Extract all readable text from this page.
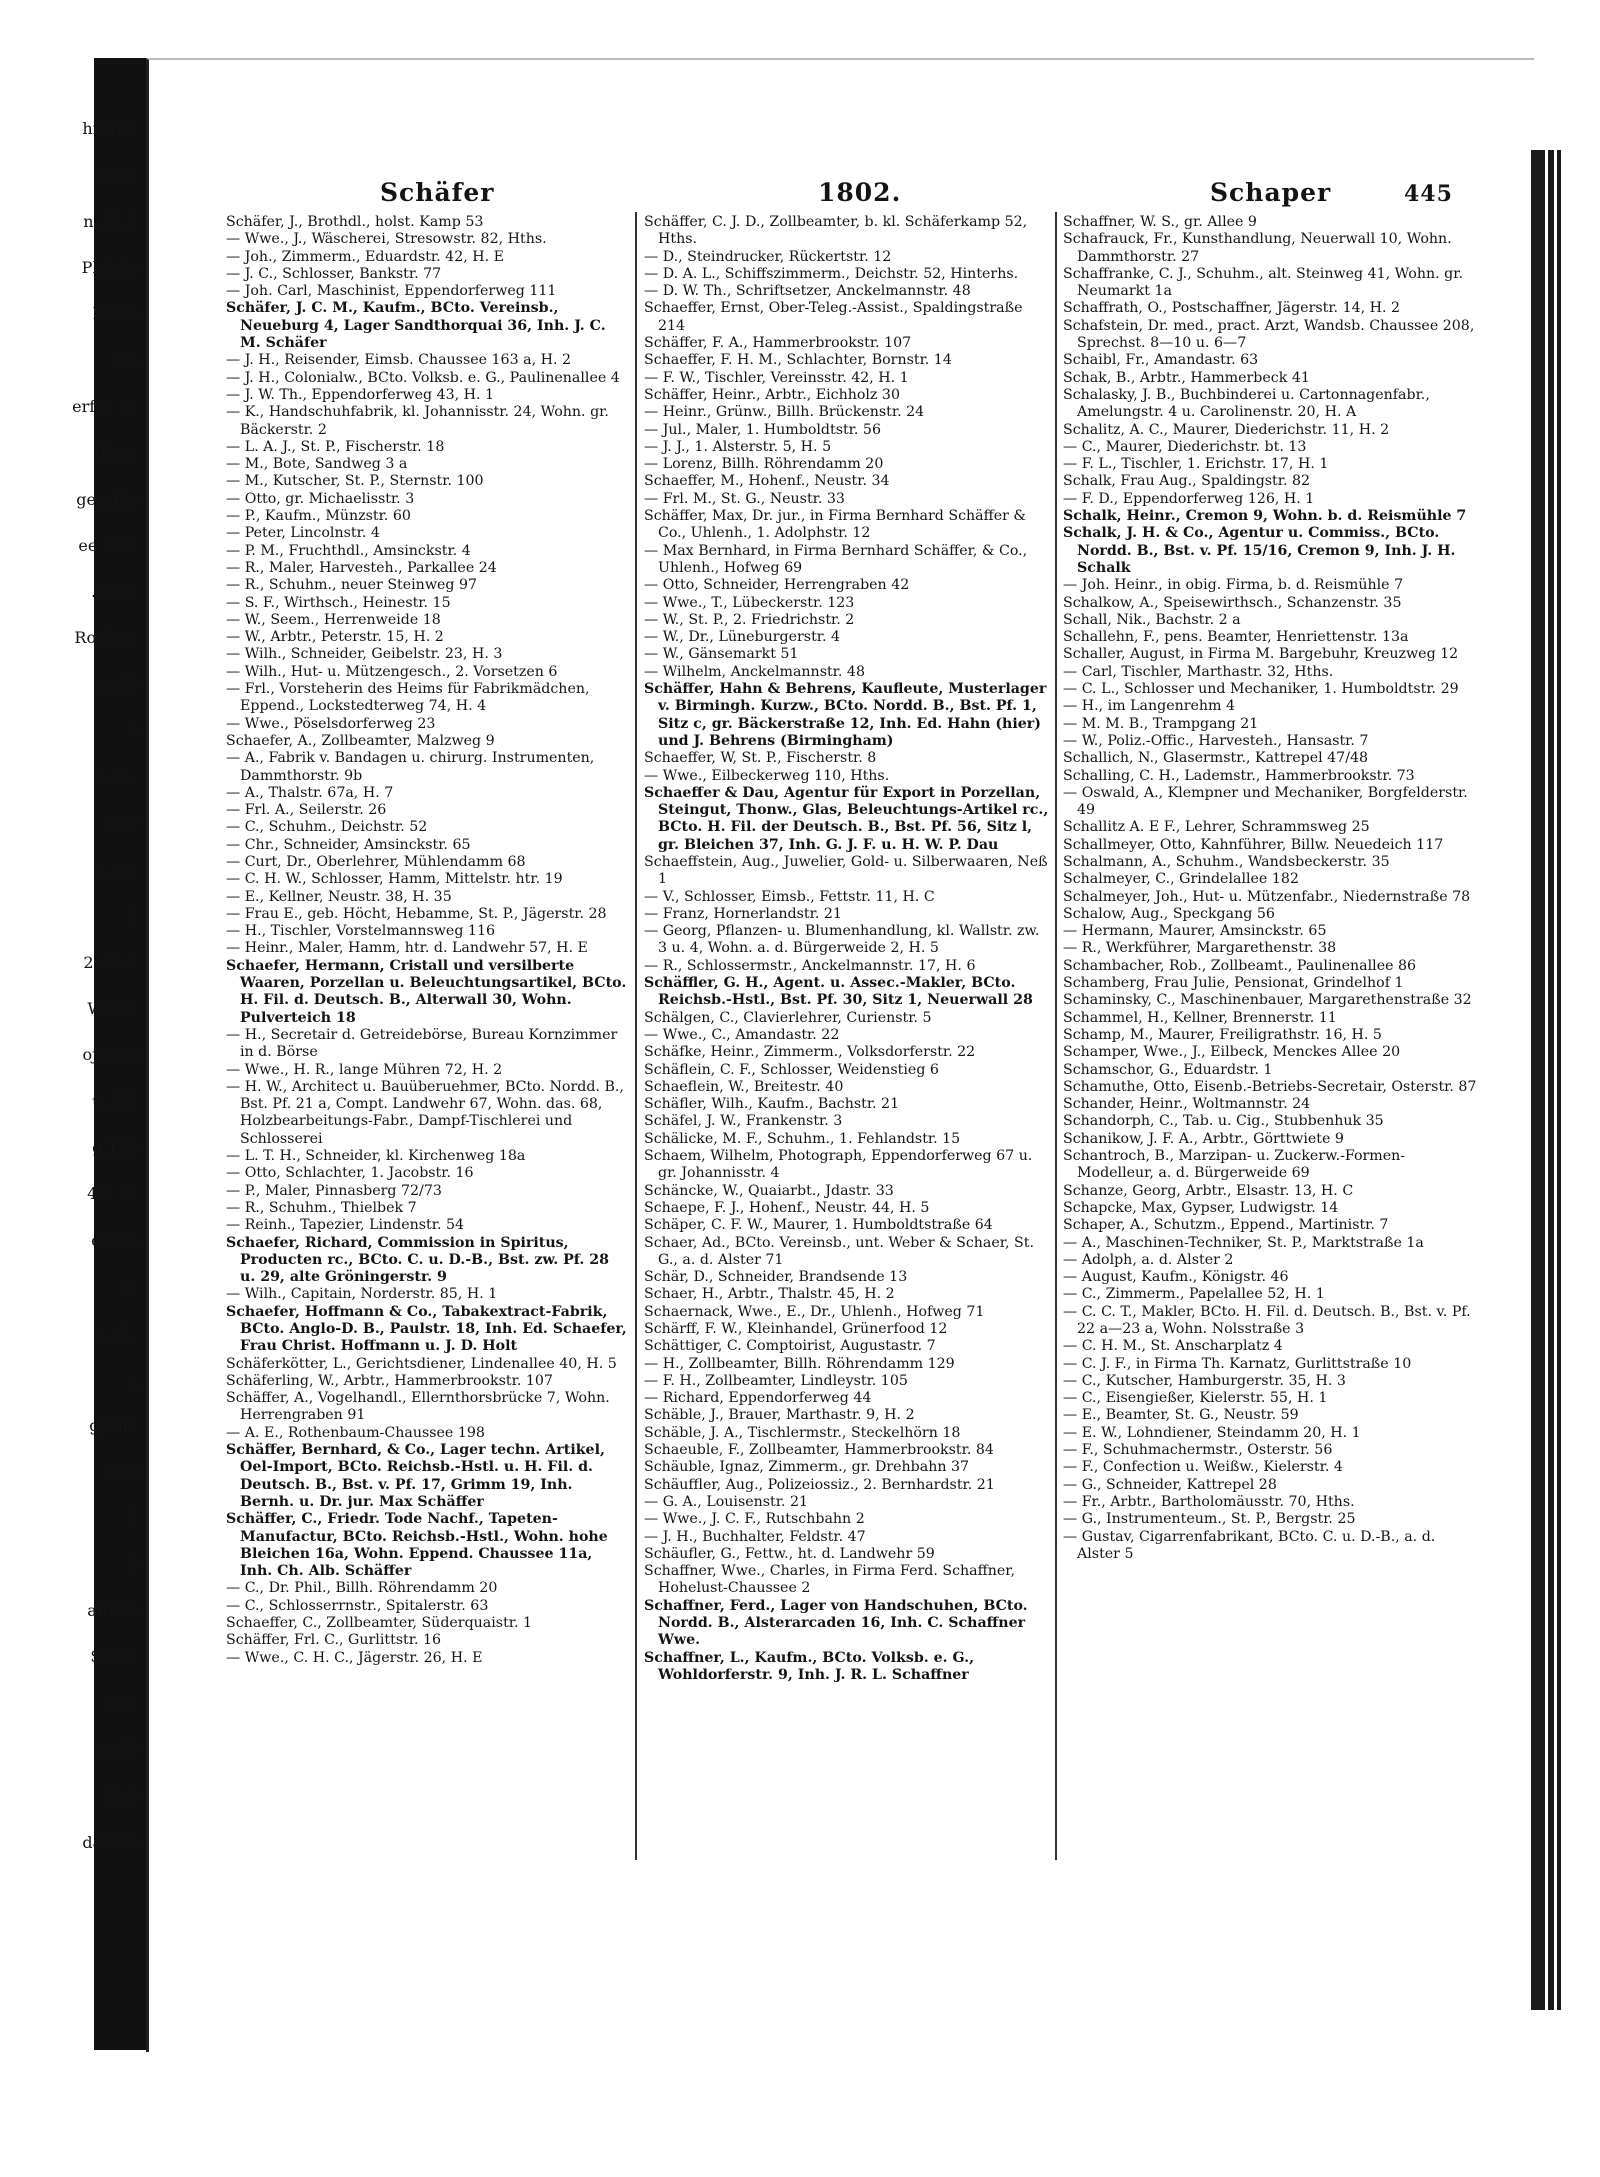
hrerin,
Holz-
n, H. 1
Phönig
he 26
25
erftr. 12
Hum-
gereihe
ee 247,
.-Hftl.
Rothen-
r. 38
8
t. G.,
n 37
r. zw.
2
2, H. 1
Wohn.
ojfen 5
u. 77,
g 116
42, 12
er am
11
e. G.,
a
gazin,
Hof
2
8
afl. 24
Stein-
112
u. 33
H. 3
daf. 25
Schäfer	1802.	Schaper	445
Schäfer, J., Brothdl., holst. Kamp 53
— Wwe., J., Wäscherei, Stresowstr. 82, Hths.
— Joh., Zimmerm., Eduardstr. 42, H. E
— J. C., Schlosser, Bankstr. 77
— Joh. Carl, Maschinist, Eppendorferweg 111
Schäfer, J. C. M., Kaufm., BCto. Vereinsb., Neueburg 4, Lager Sandthorquai 36, Inh. J. C. M. Schäfer
— J. H., Reisender, Eimsb. Chaussee 163 a, H. 2
— J. H., Colonialw., BCto. Volksb. e. G., Paulinenallee 4
— J. W. Th., Eppendorferweg 43, H. 1
— K., Handschuhfabrik, kl. Johannisstr. 24, Wohn. gr. Bäckerstr. 2
— L. A. J., St. P., Fischerstr. 18
— M., Bote, Sandweg 3 a
— M., Kutscher, St. P., Sternstr. 100
— Otto, gr. Michaelisstr. 3
— P., Kaufm., Münzstr. 60
— Peter, Lincolnstr. 4
— P. M., Fruchthdl., Amsinckstr. 4
— R., Maler, Harvesteh., Parkallee 24
— R., Schuhm., neuer Steinweg 97
— S. F., Wirthsch., Heinestr. 15
— W., Seem., Herrenweide 18
— W., Arbtr., Peterstr. 15, H. 2
— Wilh., Schneider, Geibelstr. 23, H. 3
— Wilh., Hut- u. Mützengesch., 2. Vorsetzen 6
— Frl., Vorsteherin des Heims für Fabrikmädchen, Eppend., Lockstedterweg 74, H. 4
— Wwe., Pöselsdorferweg 23
Schaefer, A., Zollbeamter, Malzweg 9
— A., Fabrik v. Bandagen u. chirurg. Instrumenten, Dammthorstr. 9b
— A., Thalstr. 67a, H. 7
— Frl. A., Seilerstr. 26
— C., Schuhm., Deichstr. 52
— Chr., Schneider, Amsinckstr. 65
— Curt, Dr., Oberlehrer, Mühlendamm 68
— C. H. W., Schlosser, Hamm, Mittelstr. htr. 19
— E., Kellner, Neustr. 38, H. 35
— Frau E., geb. Höcht, Hebamme, St. P., Jägerstr. 28
— H., Tischler, Vorstelmannsweg 116
— Heinr., Maler, Hamm, htr. d. Landwehr 57, H. E
Schaefer, Hermann, Cristall und versilberte Waaren, Porzellan u. Beleuchtungsartikel, BCto. H. Fil. d. Deutsch. B., Alterwall 30, Wohn. Pulverteich 18
— H., Secretair d. Getreidebörse, Bureau Kornzimmer in d. Börse
— Wwe., H. R., lange Mühren 72, H. 2
— H. W., Architect u. Bauüberuehmer, BCto. Nordd. B., Bst. Pf. 21 a, Compt. Landwehr 67, Wohn. das. 68, Holzbearbeitungs-Fabr., Dampf-Tischlerei und Schlosserei
— L. T. H., Schneider, kl. Kirchenweg 18a
— Otto, Schlachter, 1. Jacobstr. 16
— P., Maler, Pinnasberg 72/73
— R., Schuhm., Thielbek 7
— Reinh., Tapezier, Lindenstr. 54
Schaefer, Richard, Commission in Spiritus, Producten rc., BCto. C. u. D.-B., Bst. zw. Pf. 28 u. 29, alte Gröningerstr. 9
— Wilh., Capitain, Norderstr. 85, H. 1
Schaefer, Hoffmann & Co., Tabakextract-Fabrik, BCto. Anglo-D. B., Paulstr. 18, Inh. Ed. Schaefer, Frau Christ. Hoffmann u. J. D. Holt
Schäferkötter, L., Gerichtsdiener, Lindenallee 40, H. 5
Schäferling, W., Arbtr., Hammerbrookstr. 107
Schäffer, A., Vogelhandl., Ellernthorsbrücke 7, Wohn. Herrengraben 91
— A. E., Rothenbaum-Chaussee 198
Schäffer, Bernhard, & Co., Lager techn. Artikel, Oel-Import, BCto. Reichsb.-Hstl. u. H. Fil. d. Deutsch. B., Bst. v. Pf. 17, Grimm 19, Inh. Bernh. u. Dr. jur. Max Schäffer
Schäffer, C., Friedr. Tode Nachf., Tapeten-Manufactur, BCto. Reichsb.-Hstl., Wohn. hohe Bleichen 16a, Wohn. Eppend. Chaussee 11a, Inh. Ch. Alb. Schäffer
— C., Dr. Phil., Billh. Röhrendamm 20
— C., Schlosserrnstr., Spitalerstr. 63
Schaeffer, C., Zollbeamter, Süderquaistr. 1
Schäffer, Frl. C., Gurlittstr. 16
— Wwe., C. H. C., Jägerstr. 26, H. E
Schäffer, C. J. D., Zollbeamter, b. kl. Schäferkamp 52, Hths.
— D., Steindrucker, Rückertstr. 12
— D. A. L., Schiffszimmerm., Deichstr. 52, Hinterhs.
— D. W. Th., Schriftsetzer, Anckelmannstr. 48
Schaeffer, Ernst, Ober-Teleg.-Assist., Spaldingstraße 214
Schäffer, F. A., Hammerbrookstr. 107
Schaeffer, F. H. M., Schlachter, Bornstr. 14
— F. W., Tischler, Vereinsstr. 42, H. 1
Schäffer, Heinr., Arbtr., Eichholz 30
— Heinr., Grünw., Billh. Brückenstr. 24
— Jul., Maler, 1. Humboldtstr. 56
— J. J., 1. Alsterstr. 5, H. 5
— Lorenz, Billh. Röhrendamm 20
Schaeffer, M., Hohenf., Neustr. 34
— Frl. M., St. G., Neustr. 33
Schäffer, Max, Dr. jur., in Firma Bernhard Schäffer & Co., Uhlenh., 1. Adolphstr. 12
— Max Bernhard, in Firma Bernhard Schäffer, & Co., Uhlenh., Hofweg 69
— Otto, Schneider, Herrengraben 42
— Wwe., T., Lübeckerstr. 123
— W., St. P., 2. Friedrichstr. 2
— W., Dr., Lüneburgerstr. 4
— W., Gänsemarkt 51
— Wilhelm, Anckelmannstr. 48
Schäffer, Hahn & Behrens, Kaufleute, Musterlager v. Birmingh. Kurzw., BCto. Nordd. B., Bst. Pf. 1, Sitz c, gr. Bäckerstraße 12, Inh. Ed. Hahn (hier) und J. Behrens (Birmingham)
Schaeffer, W, St. P., Fischerstr. 8
— Wwe., Eilbeckerweg 110, Hths.
Schaeffer & Dau, Agentur für Export in Porzellan, Steingut, Thonw., Glas, Beleuchtungs-Artikel rc., BCto. H. Fil. der Deutsch. B., Bst. Pf. 56, Sitz l, gr. Bleichen 37, Inh. G. J. F. u. H. W. P. Dau
Schaeffstein, Aug., Juwelier, Gold- u. Silberwaaren, Neß 1
— V., Schlosser, Eimsb., Fettstr. 11, H. C
— Franz, Hornerlandstr. 21
— Georg, Pflanzen- u. Blumenhandlung, kl. Wallstr. zw. 3 u. 4, Wohn. a. d. Bürgerweide 2, H. 5
— R., Schlossermstr., Anckelmannstr. 17, H. 6
Schäffler, G. H., Agent. u. Assec.-Makler, BCto. Reichsb.-Hstl., Bst. Pf. 30, Sitz 1, Neuerwall 28
Schälgen, C., Clavierlehrer, Curienstr. 5
— Wwe., C., Amandastr. 22
Schäfke, Heinr., Zimmerm., Volksdorferstr. 22
Schäflein, C. F., Schlosser, Weidenstieg 6
Schaeflein, W., Breitestr. 40
Schäfler, Wilh., Kaufm., Bachstr. 21
Schäfel, J. W., Frankenstr. 3
Schälicke, M. F., Schuhm., 1. Fehlandstr. 15
Schaem, Wilhelm, Photograph, Eppendorferweg 67 u. gr. Johannisstr. 4
Schäncke, W., Quaiarbt., Jdastr. 33
Schaepe, F. J., Hohenf., Neustr. 44, H. 5
Schäper, C. F. W., Maurer, 1. Humboldtstraße 64
Schaer, Ad., BCto. Vereinsb., unt. Weber & Schaer, St. G., a. d. Alster 71
Schär, D., Schneider, Brandsende 13
Schaer, H., Arbtr., Thalstr. 45, H. 2
Schaernack, Wwe., E., Dr., Uhlenh., Hofweg 71
Schärff, F. W., Kleinhandel, Grünerfood 12
Schättiger, C. Comptoirist, Augustastr. 7
— H., Zollbeamter, Billh. Röhrendamm 129
— F. H., Zollbeamter, Lindleystr. 105
— Richard, Eppendorferweg 44
Schäble, J., Brauer, Marthastr. 9, H. 2
Schäble, J. A., Tischlermstr., Steckelhörn 18
Schaeuble, F., Zollbeamter, Hammerbrookstr. 84
Schäuble, Ignaz, Zimmerm., gr. Drehbahn 37
Schäuffler, Aug., Polizeiossiz., 2. Bernhardstr. 21
— G. A., Louisenstr. 21
— Wwe., J. C. F., Rutschbahn 2
— J. H., Buchhalter, Feldstr. 47
Schäufler, G., Fettw., ht. d. Landwehr 59
Schaffner, Wwe., Charles, in Firma Ferd. Schaffner, Hohelust-Chaussee 2
Schaffner, Ferd., Lager von Handschuhen, BCto. Nordd. B., Alsterarcaden 16, Inh. C. Schaffner Wwe.
Schaffner, L., Kaufm., BCto. Volksb. e. G., Wohldorferstr. 9, Inh. J. R. L. Schaffner
Schaffner, W. S., gr. Allee 9
Schafrauck, Fr., Kunsthandlung, Neuerwall 10, Wohn. Dammthorstr. 27
Schaffranke, C. J., Schuhm., alt. Steinweg 41, Wohn. gr. Neumarkt 1a
Schaffrath, O., Postschaffner, Jägerstr. 14, H. 2
Schafstein, Dr. med., pract. Arzt, Wandsb. Chaussee 208, Sprechst. 8—10 u. 6—7
Schaibl, Fr., Amandastr. 63
Schak, B., Arbtr., Hammerbeck 41
Schalasky, J. B., Buchbinderei u. Cartonnagenfabr., Amelungstr. 4 u. Carolinenstr. 20, H. A
Schalitz, A. C., Maurer, Diederichstr. 11, H. 2
— C., Maurer, Diederichstr. bt. 13
— F. L., Tischler, 1. Erichstr. 17, H. 1
Schalk, Frau Aug., Spaldingstr. 82
— F. D., Eppendorferweg 126, H. 1
Schalk, Heinr., Cremon 9, Wohn. b. d. Reismühle 7
Schalk, J. H. & Co., Agentur u. Commiss., BCto. Nordd. B., Bst. v. Pf. 15/16, Cremon 9, Inh. J. H. Schalk
— Joh. Heinr., in obig. Firma, b. d. Reismühle 7
Schalkow, A., Speisewirthsch., Schanzenstr. 35
Schall, Nik., Bachstr. 2 a
Schallehn, F., pens. Beamter, Henriettenstr. 13a
Schaller, August, in Firma M. Bargebuhr, Kreuzweg 12
— Carl, Tischler, Marthastr. 32, Hths.
— C. L., Schlosser und Mechaniker, 1. Humboldtstr. 29
— H., im Langenrehm 4
— M. M. B., Trampgang 21
— W., Poliz.-Offic., Harvesteh., Hansastr. 7
Schallich, N., Glasermstr., Kattrepel 47/48
Schalling, C. H., Lademstr., Hammerbrookstr. 73
— Oswald, A., Klempner und Mechaniker, Borgfelderstr. 49
Schallitz A. E F., Lehrer, Schrammsweg 25
Schallmeyer, Otto, Kahnführer, Billw. Neuedeich 117
Schalmann, A., Schuhm., Wandsbeckerstr. 35
Schalmeyer, C., Grindelallee 182
Schalmeyer, Joh., Hut- u. Mützenfabr., Niedernstraße 78
Schalow, Aug., Speckgang 56
— Hermann, Maurer, Amsinckstr. 65
— R., Werkführer, Margarethenstr. 38
Schambacher, Rob., Zollbeamt., Paulinenallee 86
Schamberg, Frau Julie, Pensionat, Grindelhof 1
Schaminsky, C., Maschinenbauer, Margarethenstraße 32
Schammel, H., Kellner, Brennerstr. 11
Schamp, M., Maurer, Freiligrathstr. 16, H. 5
Schamper, Wwe., J., Eilbeck, Menckes Allee 20
Schamschor, G., Eduardstr. 1
Schamuthe, Otto, Eisenb.-Betriebs-Secretair, Osterstr. 87
Schander, Heinr., Woltmannstr. 24
Schandorph, C., Tab. u. Cig., Stubbenhuk 35
Schanikow, J. F. A., Arbtr., Görttwiete 9
Schantroch, B., Marzipan- u. Zuckerw.-Formen-Modelleur, a. d. Bürgerweide 69
Schanze, Georg, Arbtr., Elsastr. 13, H. C
Schapcke, Max, Gypser, Ludwigstr. 14
Schaper, A., Schutzm., Eppend., Martinistr. 7
— A., Maschinen-Techniker, St. P., Marktstraße 1a
— Adolph, a. d. Alster 2
— August, Kaufm., Königstr. 46
— C., Zimmerm., Papelallee 52, H. 1
— C. C. T., Makler, BCto. H. Fil. d. Deutsch. B., Bst. v. Pf. 22 a—23 a, Wohn. Nolsstraße 3
— C. H. M., St. Anscharplatz 4
— C. J. F., in Firma Th. Karnatz, Gurlittstraße 10
— C., Kutscher, Hamburgerstr. 35, H. 3
— C., Eisengießer, Kielerstr. 55, H. 1
— E., Beamter, St. G., Neustr. 59
— E. W., Lohndiener, Steindamm 20, H. 1
— F., Schuhmachermstr., Osterstr. 56
— F., Confection u. Weißw., Kielerstr. 4
— G., Schneider, Kattrepel 28
— Fr., Arbtr., Bartholomäusstr. 70, Hths.
— G., Instrumenteum., St. P., Bergstr. 25
— Gustav, Cigarrenfabrikant, BCto. C. u. D.-B., a. d. Alster 5
